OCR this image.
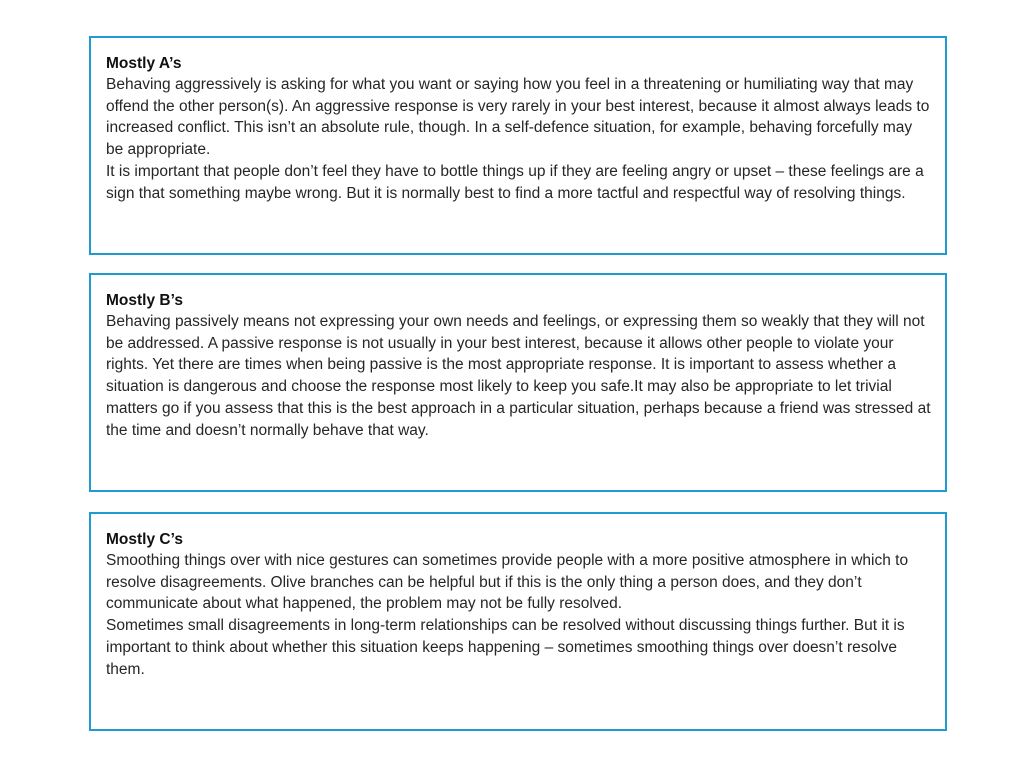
Mostly A’s

Behaving aggressively is asking for what you want or saying how you feel in a threatening or humiliating way that may offend the other person(s). An aggressive response is very rarely in your best interest, because it almost always leads to increased conflict. This isn’t an absolute rule, though. In a self-defence situation, for example, behaving forcefully may be appropriate.

It is important that people don’t feel they have to bottle things up if they are feeling angry or upset – these feelings are a sign that something maybe wrong. But it is normally best to find a more tactful and respectful way of resolving things.

Mostly B’s

Behaving passively means not expressing your own needs and feelings, or expressing them so weakly that they will not be addressed. A passive response is not usually in your best interest, because it allows other people to violate your rights. Yet there are times when being passive is the most appropriate response. It is important to assess whether a situation is dangerous and choose the response most likely to keep you safe.It may also be appropriate to let trivial matters go if you assess that this is the best approach in a particular situation, perhaps because a friend was stressed at the time and doesn’t normally behave that way.

Mostly C’s

Smoothing things over with nice gestures can sometimes provide people with a more positive atmosphere in which to resolve disagreements. Olive branches can be helpful but if this is the only thing a person does, and they don’t communicate about what happened, the problem may not be fully resolved.

Sometimes small disagreements in long-term relationships can be resolved without discussing things further. But it is important to think about whether this situation keeps happening – sometimes smoothing things over doesn’t resolve them.
